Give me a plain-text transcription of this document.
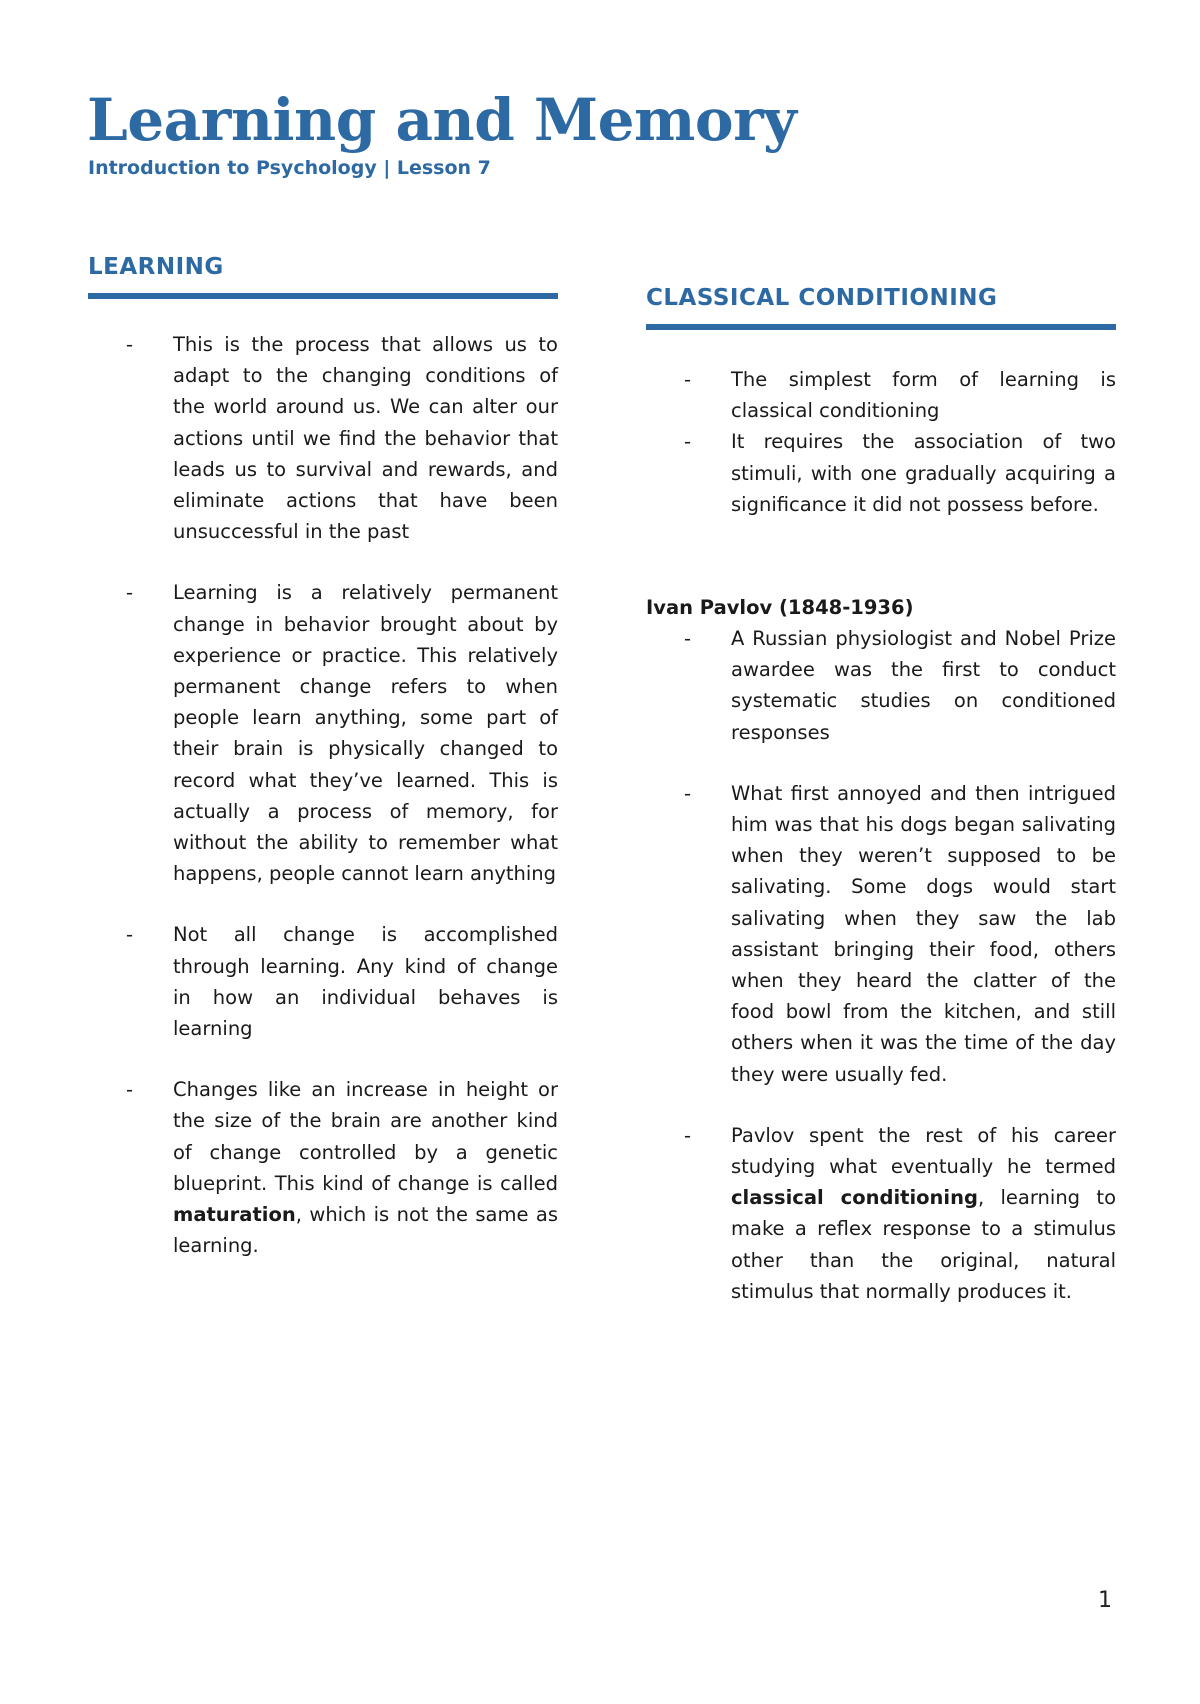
Learning and Memory

Introduction to Psychology | Lesson 7

LEARNING
- This is the process that allows us to adapt to the changing conditions of the world around us. We can alter our actions until we find the behavior that leads us to survival and rewards, and eliminate actions that have been unsuccessful in the past
- Learning is a relatively permanent change in behavior brought about by experience or practice. This relatively permanent change refers to when people learn anything, some part of their brain is physically changed to record what they’ve learned. This is actually a process of memory, for without the ability to remember what happens, people cannot learn anything
- Not all change is accomplished through learning. Any kind of change in how an individual behaves is learning
- Changes like an increase in height or the size of the brain are another kind of change controlled by a genetic blueprint. This kind of change is called maturation, which is not the same as learning.
CLASSICAL CONDITIONING
- The simplest form of learning is classical conditioning
- It requires the association of two stimuli, with one gradually acquiring a significance it did not possess before.

Ivan Pavlov (1848-1936)

- A Russian physiologist and Nobel Prize awardee was the first to conduct systematic studies on conditioned responses
- What first annoyed and then intrigued him was that his dogs began salivating when they weren’t supposed to be salivating. Some dogs would start salivating when they saw the lab assistant bringing their food, others when they heard the clatter of the food bowl from the kitchen, and still others when it was the time of the day they were usually fed.
- Pavlov spent the rest of his career studying what eventually he termed classical conditioning, learning to make a reflex response to a stimulus other than the original, natural stimulus that normally produces it.
1
